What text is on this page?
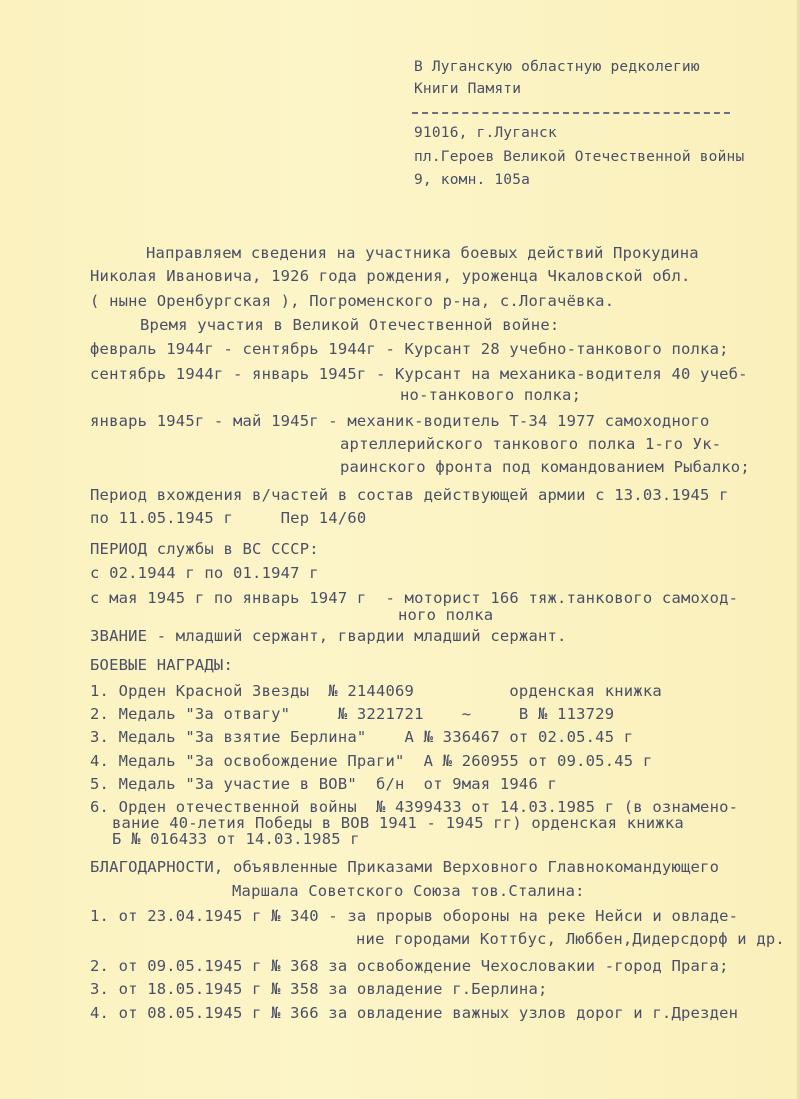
В Луганскую областную редколегию
Книги Памяти
91016, г.Луганск
пл.Героев Великой Отечественной войны
9, комн. 105а
Направляем сведения на участника боевых действий Прокудина
Николая Ивановича, 1926 года рождения, уроженца Чкаловской обл.
( ныне Оренбургская ), Погроменского р-на, с.Логачёвка.
Время участия в Великой Отечественной войне:
февраль 1944г - сентябрь 1944г - Курсант 28 учебно-танкового полка;
сентябрь 1944г - январь 1945г - Курсант на механика-водителя 40 учеб-
но-танкового полка;
январь 1945г - май 1945г - механик-водитель Т-34 1977 самоходного
артеллерийского танкового полка 1-го Ук-
раинского фронта под командованием Рыбалко;
Период вхождения в/частей в состав действующей армии с 13.03.1945 г
по 11.05.1945 г     Пер 14/60
ПЕРИОД службы в ВС СССР:
с 02.1944 г по 01.1947 г
с мая 1945 г по январь 1947 г  - моторист 166 тяж.танкового самоход-
ного полка
ЗВАНИЕ - младший сержант, гвардии младший сержант.
БОЕВЫЕ НАГРАДЫ:
1. Орден Красной Звезды  № 2144069          орденская книжка
2. Медаль "За отвагу"     № 3221721    ~     В № 113729
3. Медаль "За взятие Берлина"    А № 336467 от 02.05.45 г
4. Медаль "За освобождение Праги"  А № 260955 от 09.05.45 г
5. Медаль "За участие в ВОВ"  б/н  от 9мая 1946 г
6. Орден отечественной войны  № 4399433 от 14.03.1985 г (в ознамено-
вание 40-летия Победы в ВОВ 1941 - 1945 гг) орденская книжка
Б № 016433 от 14.03.1985 г
БЛАГОДАРНОСТИ, объявленные Приказами Верховного Главнокомандующего
Маршала Советского Союза тов.Сталина:
1. от 23.04.1945 г № 340 - за прорыв обороны на реке Нейси и овладе-
ние городами Коттбус, Люббен,Дидерсдорф и др.
2. от 09.05.1945 г № 368 за освобождение Чехословакии -город Прага;
3. от 18.05.1945 г № 358 за овладение г.Берлина;
4. от 08.05.1945 г № 366 за овладение важных узлов дорог и г.Дрезден
